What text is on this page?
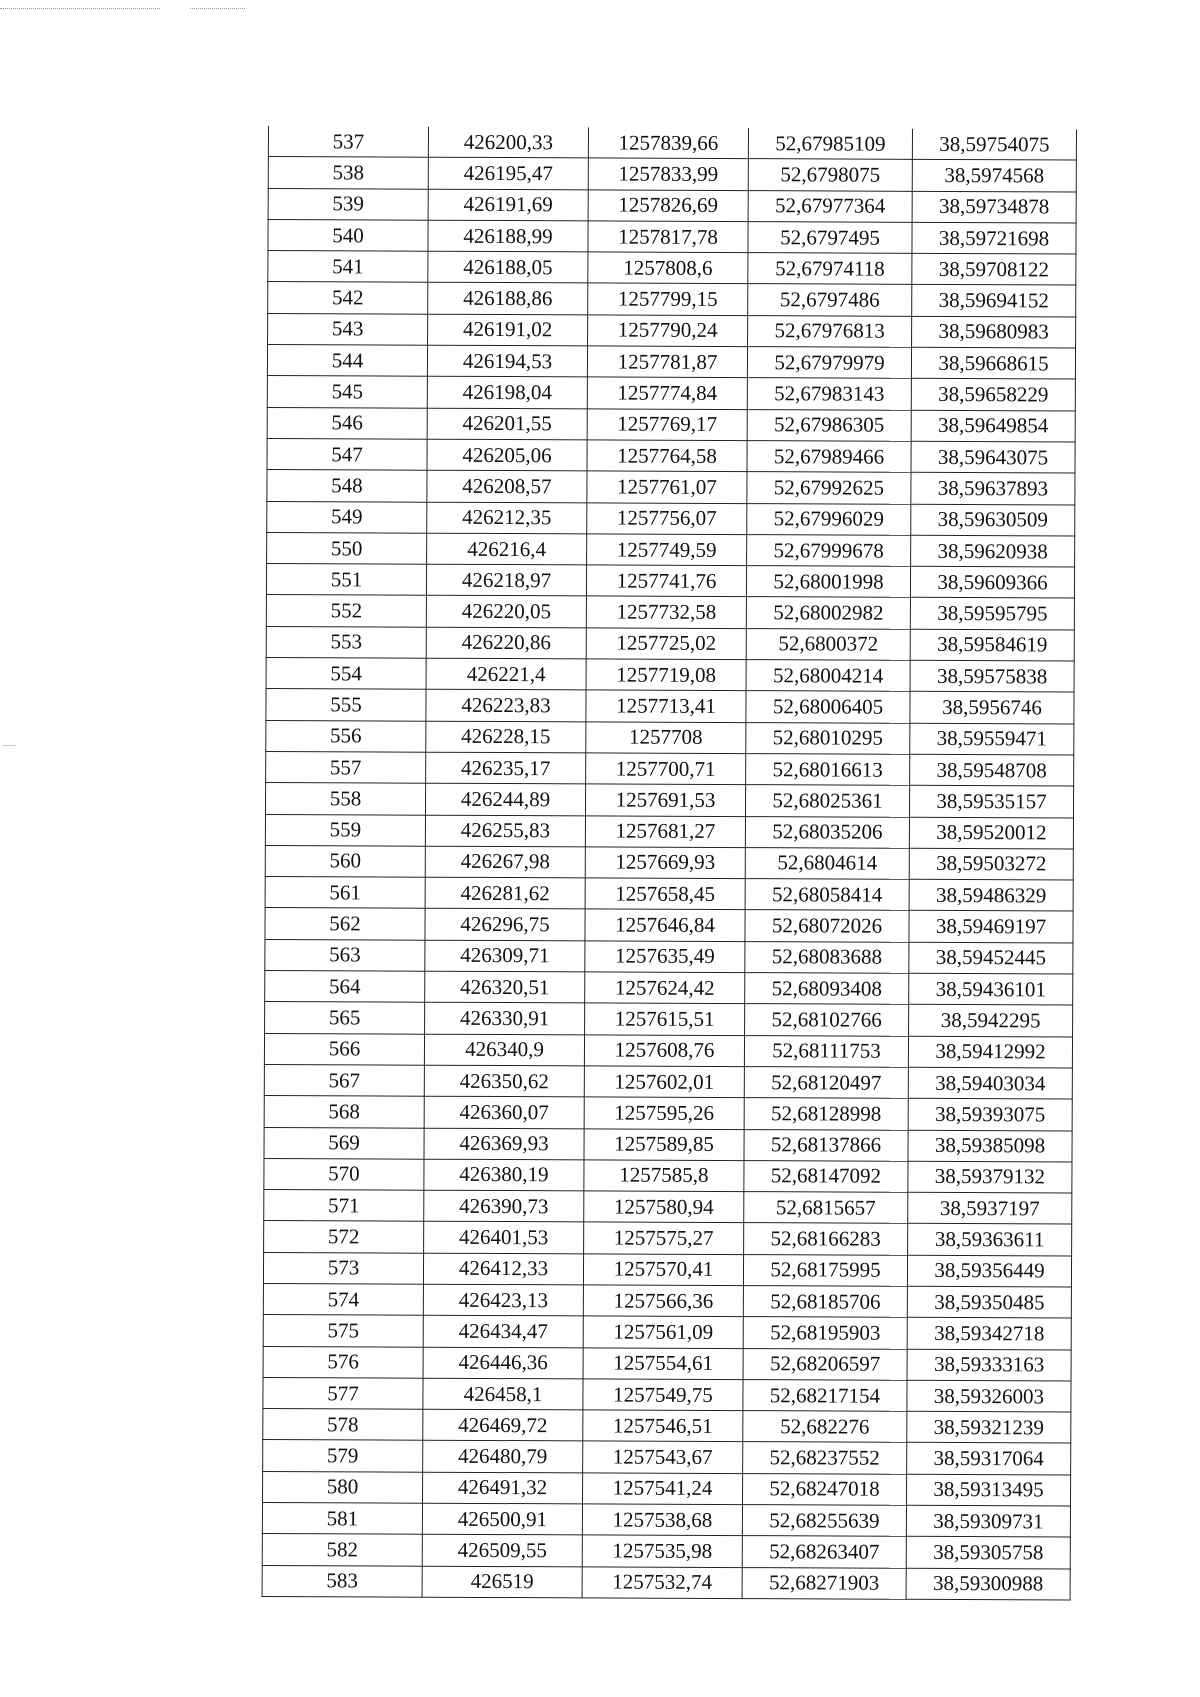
537	426200,33	1257839,66	52,67985109	38,59754075
538	426195,47	1257833,99	52,6798075	38,5974568
539	426191,69	1257826,69	52,67977364	38,59734878
540	426188,99	1257817,78	52,6797495	38,59721698
541	426188,05	1257808,6	52,67974118	38,59708122
542	426188,86	1257799,15	52,6797486	38,59694152
543	426191,02	1257790,24	52,67976813	38,59680983
544	426194,53	1257781,87	52,67979979	38,59668615
545	426198,04	1257774,84	52,67983143	38,59658229
546	426201,55	1257769,17	52,67986305	38,59649854
547	426205,06	1257764,58	52,67989466	38,59643075
548	426208,57	1257761,07	52,67992625	38,59637893
549	426212,35	1257756,07	52,67996029	38,59630509
550	426216,4	1257749,59	52,67999678	38,59620938
551	426218,97	1257741,76	52,68001998	38,59609366
552	426220,05	1257732,58	52,68002982	38,59595795
553	426220,86	1257725,02	52,6800372	38,59584619
554	426221,4	1257719,08	52,68004214	38,59575838
555	426223,83	1257713,41	52,68006405	38,5956746
556	426228,15	1257708	52,68010295	38,59559471
557	426235,17	1257700,71	52,68016613	38,59548708
558	426244,89	1257691,53	52,68025361	38,59535157
559	426255,83	1257681,27	52,68035206	38,59520012
560	426267,98	1257669,93	52,6804614	38,59503272
561	426281,62	1257658,45	52,68058414	38,59486329
562	426296,75	1257646,84	52,68072026	38,59469197
563	426309,71	1257635,49	52,68083688	38,59452445
564	426320,51	1257624,42	52,68093408	38,59436101
565	426330,91	1257615,51	52,68102766	38,5942295
566	426340,9	1257608,76	52,68111753	38,59412992
567	426350,62	1257602,01	52,68120497	38,59403034
568	426360,07	1257595,26	52,68128998	38,59393075
569	426369,93	1257589,85	52,68137866	38,59385098
570	426380,19	1257585,8	52,68147092	38,59379132
571	426390,73	1257580,94	52,6815657	38,5937197
572	426401,53	1257575,27	52,68166283	38,59363611
573	426412,33	1257570,41	52,68175995	38,59356449
574	426423,13	1257566,36	52,68185706	38,59350485
575	426434,47	1257561,09	52,68195903	38,59342718
576	426446,36	1257554,61	52,68206597	38,59333163
577	426458,1	1257549,75	52,68217154	38,59326003
578	426469,72	1257546,51	52,682276	38,59321239
579	426480,79	1257543,67	52,68237552	38,59317064
580	426491,32	1257541,24	52,68247018	38,59313495
581	426500,91	1257538,68	52,68255639	38,59309731
582	426509,55	1257535,98	52,68263407	38,59305758
583	426519	1257532,74	52,68271903	38,59300988
